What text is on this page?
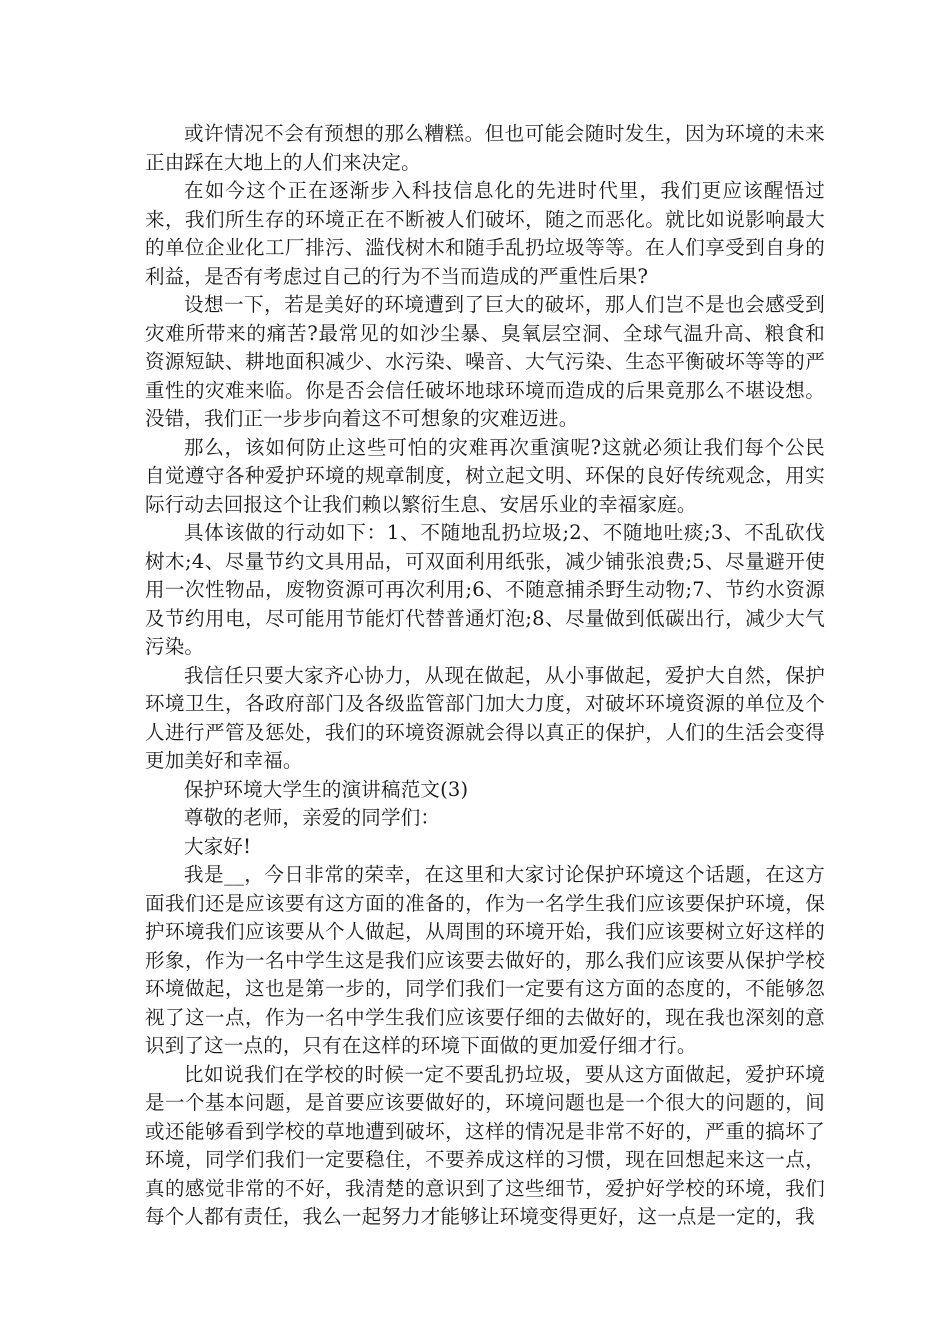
或许情况不会有预想的那么糟糕。但也可能会随时发生，因为环境的未来正由踩在大地上的人们来决定。

在如今这个正在逐渐步入科技信息化的先进时代里，我们更应该醒悟过来，我们所生存的环境正在不断被人们破坏，随之而恶化。就比如说影响最大的单位企业化工厂排污、滥伐树木和随手乱扔垃圾等等。在人们享受到自身的利益，是否有考虑过自己的行为不当而造成的严重性后果?

设想一下，若是美好的环境遭到了巨大的破坏，那人们岂不是也会感受到灾难所带来的痛苦?最常见的如沙尘暴、臭氧层空洞、全球气温升高、粮食和资源短缺、耕地面积减少、水污染、噪音、大气污染、生态平衡破坏等等的严重性的灾难来临。你是否会信任破坏地球环境而造成的后果竟那么不堪设想。没错，我们正一步步向着这不可想象的灾难迈进。

那么，该如何防止这些可怕的灾难再次重演呢?这就必须让我们每个公民自觉遵守各种爱护环境的规章制度，树立起文明、环保的良好传统观念，用实际行动去回报这个让我们赖以繁衍生息、安居乐业的幸福家庭。

具体该做的行动如下：1、不随地乱扔垃圾;2、不随地吐痰;3、不乱砍伐树木;4、尽量节约文具用品，可双面利用纸张，减少铺张浪费;5、尽量避开使用一次性物品，废物资源可再次利用;6、不随意捕杀野生动物;7、节约水资源及节约用电，尽可能用节能灯代替普通灯泡;8、尽量做到低碳出行，减少大气污染。

我信任只要大家齐心协力，从现在做起，从小事做起，爱护大自然，保护环境卫生，各政府部门及各级监管部门加大力度，对破坏环境资源的单位及个人进行严管及惩处，我们的环境资源就会得以真正的保护，人们的生活会变得更加美好和幸福。

保护环境大学生的演讲稿范文(3)

尊敬的老师，亲爱的同学们：

大家好!

我是__，今日非常的荣幸，在这里和大家讨论保护环境这个话题，在这方面我们还是应该要有这方面的准备的，作为一名学生我们应该要保护环境，保护环境我们应该要从个人做起，从周围的环境开始，我们应该要树立好这样的形象，作为一名中学生这是我们应该要去做好的，那么我们应该要从保护学校环境做起，这也是第一步的，同学们我们一定要有这方面的态度的，不能够忽视了这一点，作为一名中学生我们应该要仔细的去做好的，现在我也深刻的意识到了这一点的，只有在这样的环境下面做的更加爱仔细才行。

比如说我们在学校的时候一定不要乱扔垃圾，要从这方面做起，爱护环境是一个基本问题，是首要应该要做好的，环境问题也是一个很大的问题的，间或还能够看到学校的草地遭到破坏，这样的情况是非常不好的，严重的搞坏了环境，同学们我们一定要稳住，不要养成这样的习惯，现在回想起来这一点，真的感觉非常的不好，我清楚的意识到了这些细节，爱护好学校的环境，我们每个人都有责任，我么一起努力才能够让环境变得更好，这一点是一定的，我
